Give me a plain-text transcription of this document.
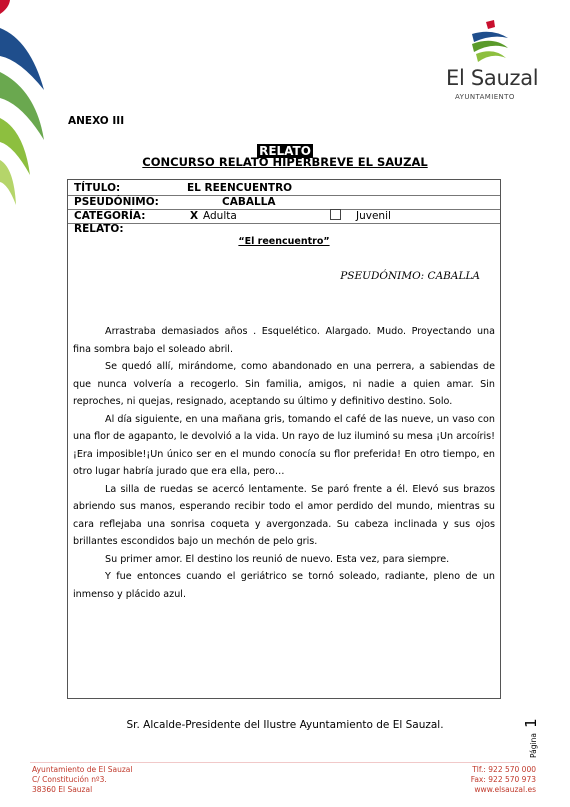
El Sauzal
AYUNTAMIENTO
ANEXO III
RELATO
CONCURSO RELATO HIPERBREVE EL SAUZAL
TÍTULO:	EL REENCUENTRO
PSEUDÓNIMO:	CABALLA
CATEGORÍA:	X Adulta	Juvenil
RELATO:
“El reencuentro”
PSEUDÓNIMO: CABALLA

Arrastraba demasiados años . Esquelético. Alargado. Mudo. Proyectando una fina sombra bajo el soleado abril.

Se quedó allí, mirándome, como abandonado en una perrera, a sabiendas de que nunca volvería a recogerlo. Sin familia, amigos, ni nadie a quien amar. Sin reproches, ni quejas, resignado, aceptando su último y definitivo destino. Solo.

Al día siguiente, en una mañana gris, tomando el café de las nueve, un vaso con una flor de agapanto, le devolvió a la vida. Un rayo de luz iluminó su mesa ¡Un arcoíris! ¡Era imposible!¡Un único ser en el mundo conocía su flor preferida! En otro tiempo, en otro lugar habría jurado que era ella, pero…

La silla de ruedas se acercó lentamente. Se paró frente a él. Elevó sus brazos abriendo sus manos, esperando recibir todo el amor perdido del mundo, mientras su cara reflejaba una sonrisa coqueta y avergonzada. Su cabeza inclinada y sus ojos brillantes escondidos bajo un mechón de pelo gris.

Su primer amor. El destino los reunió de nuevo. Esta vez, para siempre.

Y fue entonces cuando el geriátrico se tornó soleado, radiante, pleno de un inmenso y plácido azul.

Sr. Alcalde-Presidente del Ilustre Ayuntamiento de El Sauzal.
Página 1
Ayuntamiento de El Sauzal
C/ Constitución nº3.
38360 El Sauzal
Tlf.: 922 570 000
Fax: 922 570 973
www.elsauzal.es
